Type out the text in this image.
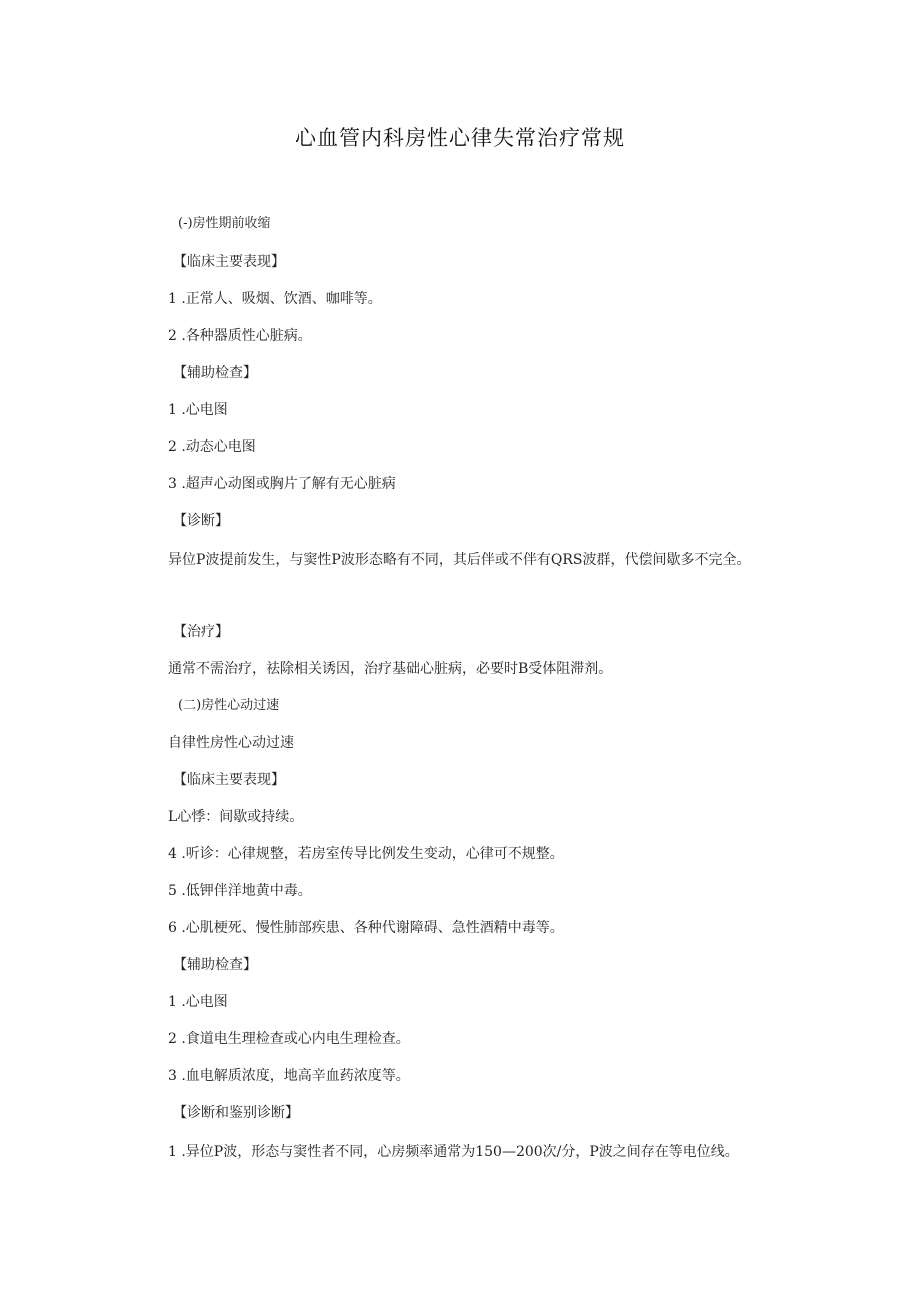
心血管内科房性心律失常治疗常规
(-)房性期前收缩
【临床主要表现】
1 .正常人、吸烟、饮酒、咖啡等。
2 .各种器质性心脏病。
【辅助检查】
1 .心电图
2 .动态心电图
3 .超声心动图或胸片了解有无心脏病
【诊断】
异位P波提前发生，与窦性P波形态略有不同，其后伴或不伴有QRS波群，代偿间歇多不完全。
【治疗】
通常不需治疗，祛除相关诱因，治疗基础心脏病，必要时B受体阻滞剂。
(二)房性心动过速
自律性房性心动过速
【临床主要表现】
L心悸：间歇或持续。
4 .听诊：心律规整，若房室传导比例发生变动，心律可不规整。
5 .低钾伴洋地黄中毒。
6 .心肌梗死、慢性肺部疾患、各种代谢障碍、急性酒精中毒等。
【辅助检查】
1 .心电图
2 .食道电生理检查或心内电生理检查。
3 .血电解质浓度，地高辛血药浓度等。
【诊断和鉴别诊断】
1 .异位P波，形态与窦性者不同，心房频率通常为150—200次/分，P波之间存在等电位线。
